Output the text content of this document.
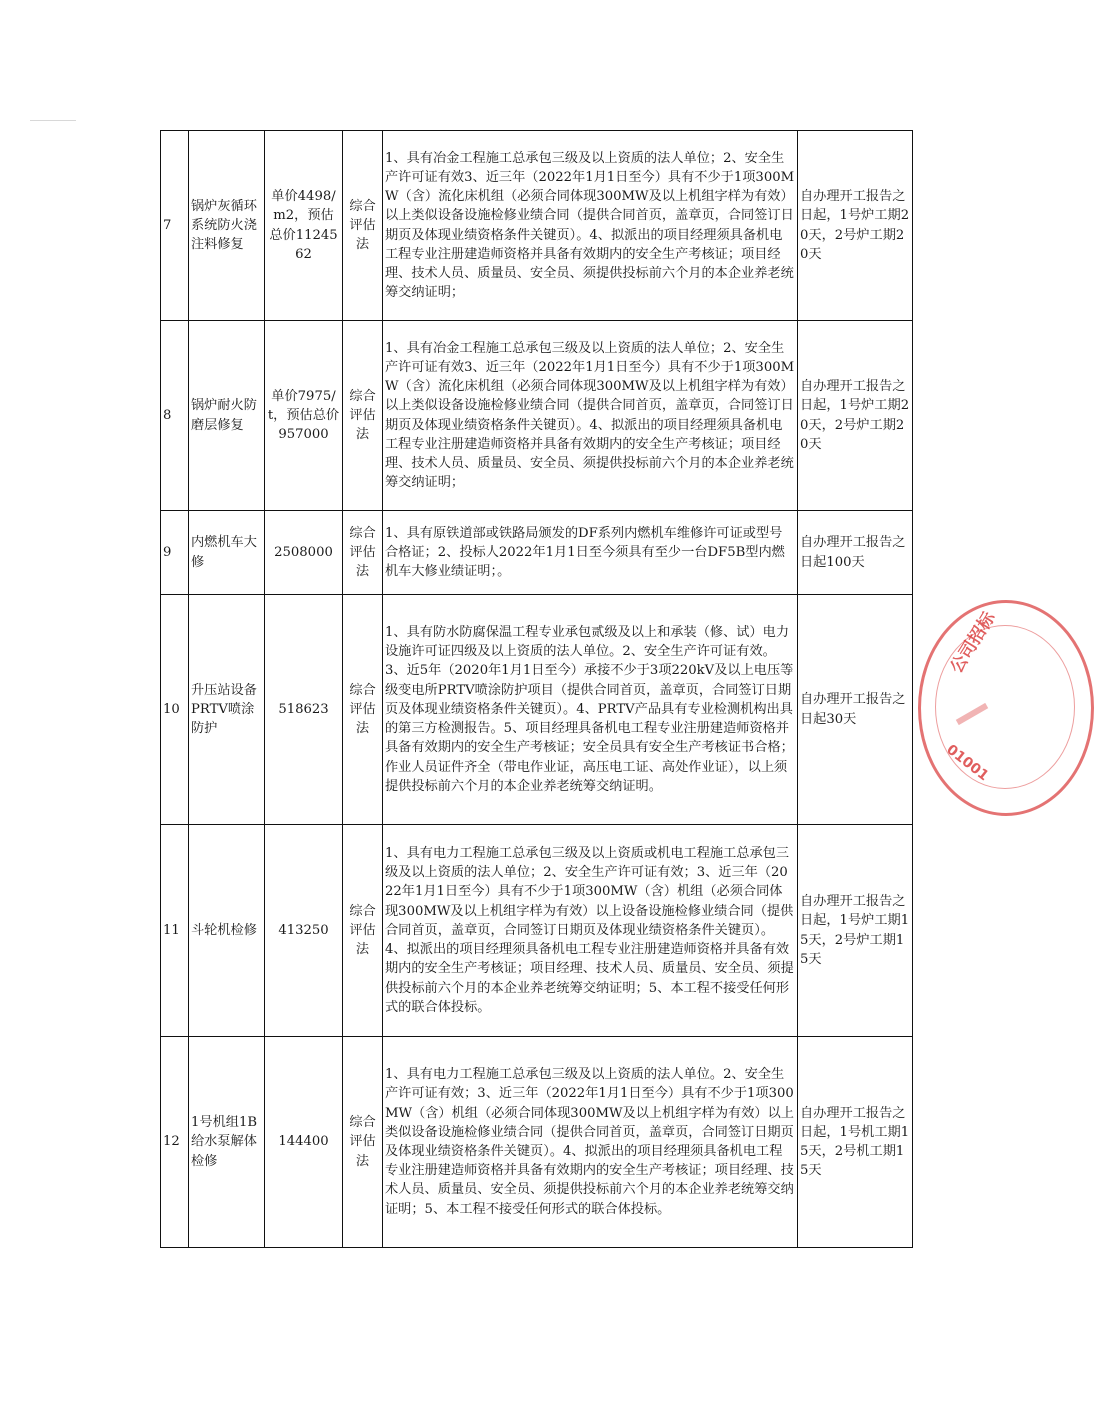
7	锅炉灰循环系统防火浇注料修复	单价4498/m2，预估总价1124562	综合评估法	1、具有冶金工程施工总承包三级及以上资质的法人单位；2、安全生产许可证有效3、近三年（2022年1月1日至今）具有不少于1项300MW（含）流化床机组（必须合同体现300MW及以上机组字样为有效）以上类似设备设施检修业绩合同（提供合同首页，盖章页，合同签订日期页及体现业绩资格条件关键页）。4、拟派出的项目经理须具备机电工程专业注册建造师资格并具备有效期内的安全生产考核证；项目经理、技术人员、质量员、安全员、须提供投标前六个月的本企业养老统筹交纳证明；	自办理开工报告之日起，1号炉工期20天，2号炉工期20天
8	锅炉耐火防磨层修复	单价7975/t，预估总价957000	综合评估法	1、具有冶金工程施工总承包三级及以上资质的法人单位；2、安全生产许可证有效3、近三年（2022年1月1日至今）具有不少于1项300MW（含）流化床机组（必须合同体现300MW及以上机组字样为有效）以上类似设备设施检修业绩合同（提供合同首页，盖章页，合同签订日期页及体现业绩资格条件关键页）。4、拟派出的项目经理须具备机电工程专业注册建造师资格并具备有效期内的安全生产考核证；项目经理、技术人员、质量员、安全员、须提供投标前六个月的本企业养老统筹交纳证明；	自办理开工报告之日起，1号炉工期20天，2号炉工期20天
9	内燃机车大修	2508000	综合评估法	1、具有原铁道部或铁路局颁发的DF系列内燃机车维修许可证或型号合格证；2、投标人2022年1月1日至今须具有至少一台DF5B型内燃机车大修业绩证明；。	自办理开工报告之日起100天
10	升压站设备PRTV喷涂防护	518623	综合评估法	1、具有防水防腐保温工程专业承包贰级及以上和承装（修、试）电力设施许可证四级及以上资质的法人单位。2、安全生产许可证有效。3、近5年（2020年1月1日至今）承接不少于3项220kV及以上电压等级变电所PRTV喷涂防护项目（提供合同首页，盖章页，合同签订日期页及体现业绩资格条件关键页）。4、PRTV产品具有专业检测机构出具的第三方检测报告。5、项目经理具备机电工程专业注册建造师资格并具备有效期内的安全生产考核证；安全员具有安全生产考核证书合格；作业人员证件齐全（带电作业证，高压电工证、高处作业证），以上须提供投标前六个月的本企业养老统筹交纳证明。	自办理开工报告之日起30天
11	斗轮机检修	413250	综合评估法	1、具有电力工程施工总承包三级及以上资质或机电工程施工总承包三级及以上资质的法人单位；2、安全生产许可证有效；3、近三年（2022年1月1日至今）具有不少于1项300MW（含）机组（必须合同体现300MW及以上机组字样为有效）以上设备设施检修业绩合同（提供合同首页，盖章页，合同签订日期页及体现业绩资格条件关键页）。4、拟派出的项目经理须具备机电工程专业注册建造师资格并具备有效期内的安全生产考核证；项目经理、技术人员、质量员、安全员、须提供投标前六个月的本企业养老统筹交纳证明；5、本工程不接受任何形式的联合体投标。	自办理开工报告之日起，1号炉工期15天，2号炉工期15天
12	1号机组1B给水泵解体检修	144400	综合评估法	1、具有电力工程施工总承包三级及以上资质的法人单位。2、安全生产许可证有效；3、近三年（2022年1月1日至今）具有不少于1项300MW（含）机组（必须合同体现300MW及以上机组字样为有效）以上类似设备设施检修业绩合同（提供合同首页，盖章页，合同签订日期页及体现业绩资格条件关键页）。4、拟派出的项目经理须具备机电工程专业注册建造师资格并具备有效期内的安全生产考核证；项目经理、技术人员、质量员、安全员、须提供投标前六个月的本企业养老统筹交纳证明；5、本工程不接受任何形式的联合体投标。	自办理开工报告之日起，1号机工期15天，2号机工期15天
公司招标
01001
